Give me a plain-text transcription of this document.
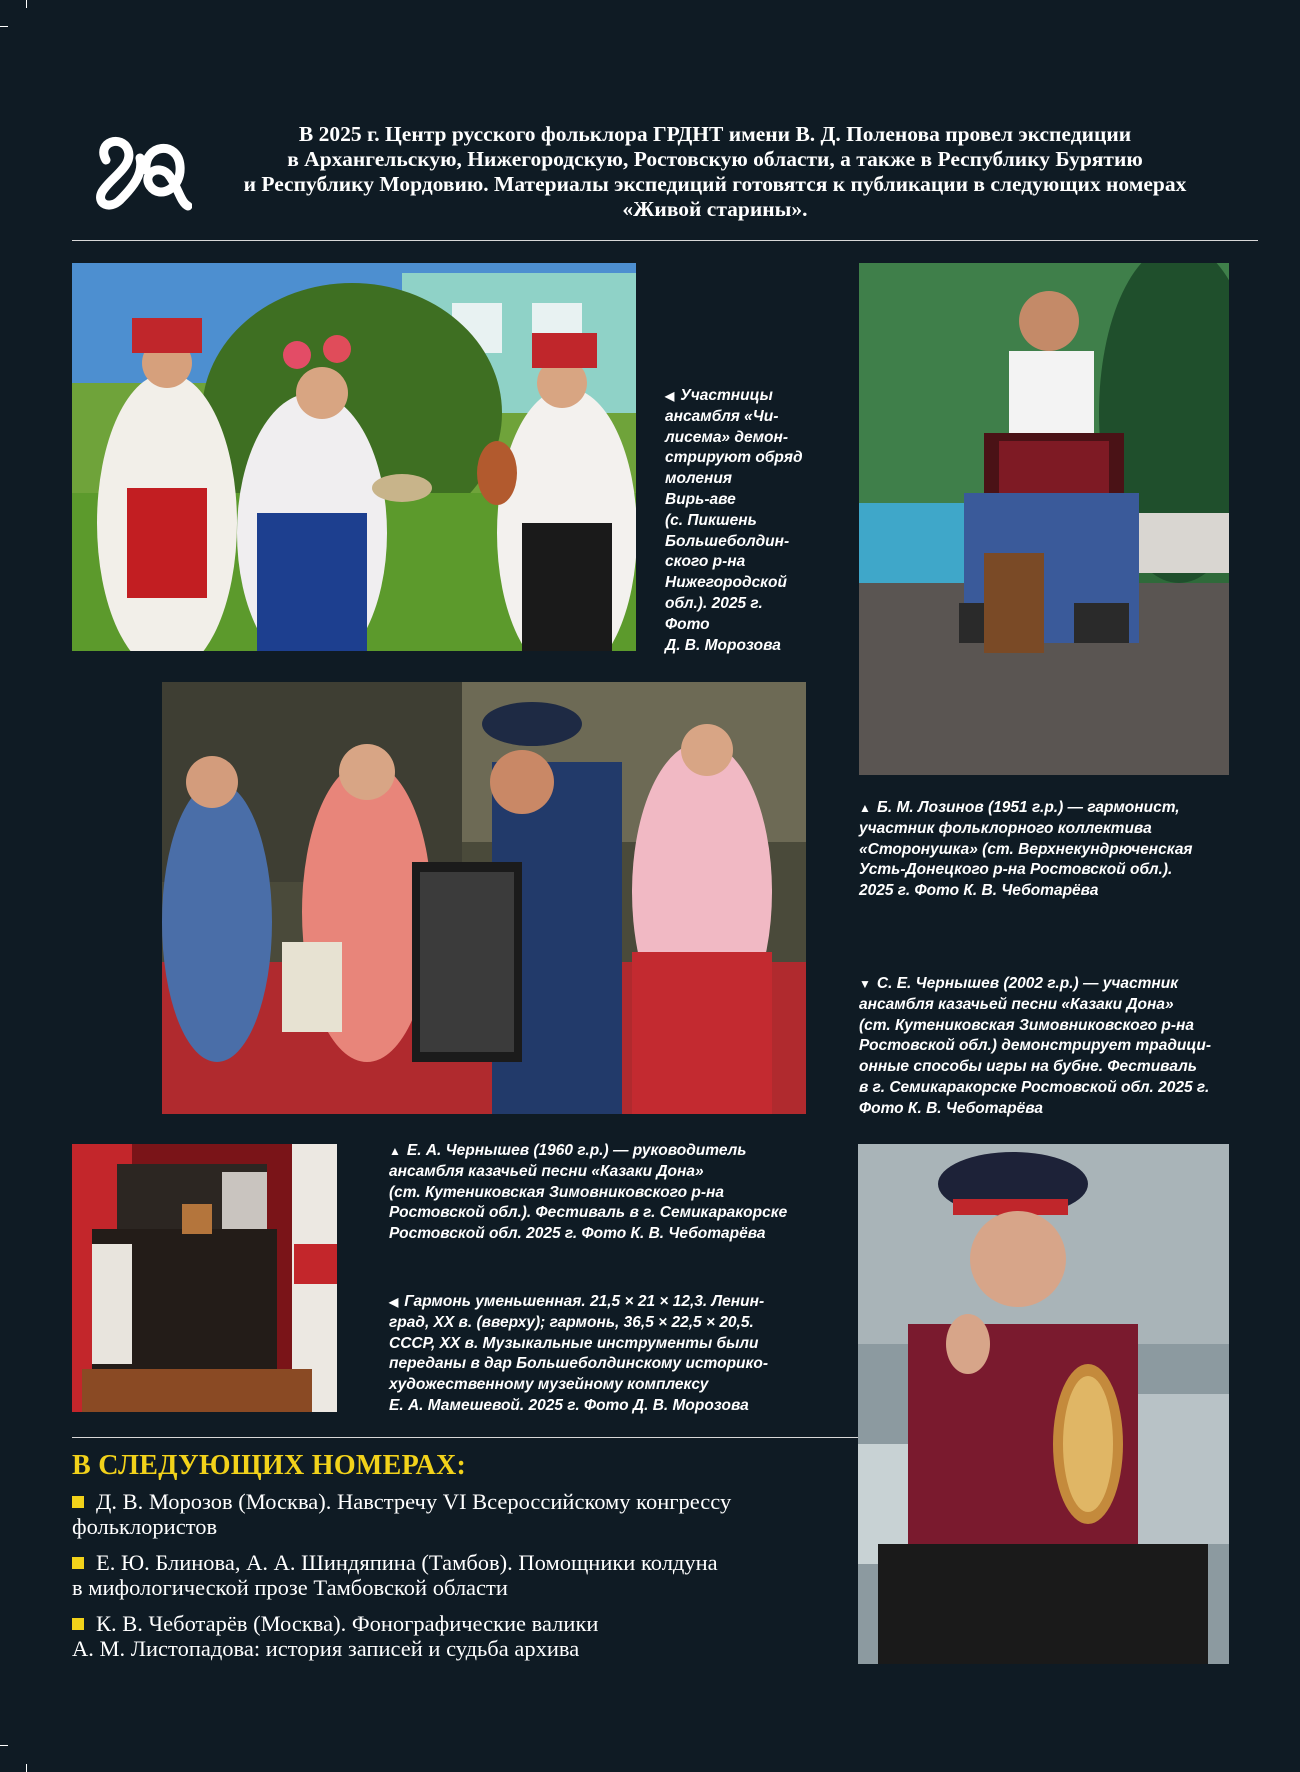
В 2025 г. Центр русского фольклора ГРДНТ имени В. Д. Поленова провел экспедиции
в Архангельскую, Нижегородскую, Ростовскую области, а также в Республику Бурятию
и Республику Мордовию. Материалы экспедиций готовятся к публикации в следующих номерах
«Живой старины».
◀ Участницы
ансамбля «Чи-
лисема» демон-
стрируют обряд
моления
Вирь-аве
(с. Пикшень
Большеболдин-
ского р-на
Нижегородской
обл.). 2025 г.
Фото
Д. В. Морозова
▲ Б. М. Лозинов (1951 г.р.) — гармонист,
участник фольклорного коллектива
«Сторонушка» (ст. Верхнекундрюченская
Усть-Донецкого р-на Ростовской обл.).
2025 г. Фото К. В. Чеботарёва
▼ С. Е. Чернышев (2002 г.р.) — участник
ансамбля казачьей песни «Казаки Дона»
(ст. Кутениковская Зимовниковского р-на
Ростовской обл.) демонстрирует традици-
онные способы игры на бубне. Фестиваль
в г. Семикаракорске Ростовской обл. 2025 г.
Фото К. В. Чеботарёва
▲ Е. А. Чернышев (1960 г.р.) — руководитель
ансамбля казачьей песни «Казаки Дона»
(ст. Кутениковская Зимовниковского р-на
Ростовской обл.). Фестиваль в г. Семикаракорске
Ростовской обл. 2025 г. Фото К. В. Чеботарёва
◀ Гармонь уменьшенная. 21,5 × 21 × 12,3. Ленин-
град, XX в. (вверху); гармонь, 36,5 × 22,5 × 20,5.
СССР, XX в. Музыкальные инструменты были
переданы в дар Большеболдинскому историко-
художественному музейному комплексу
Е. А. Мамешевой. 2025 г. Фото Д. В. Морозова
В СЛЕДУЮЩИХ НОМЕРАХ:
Д. В. Морозов (Москва). Навстречу VI Всероссийскому конгрессу
фольклористов
Е. Ю. Блинова, А. А. Шиндяпина (Тамбов). Помощники колдуна
в мифологической прозе Тамбовской области
К. В. Чеботарёв (Москва). Фонографические валики
А. М. Листопадова: история записей и судьба архива
